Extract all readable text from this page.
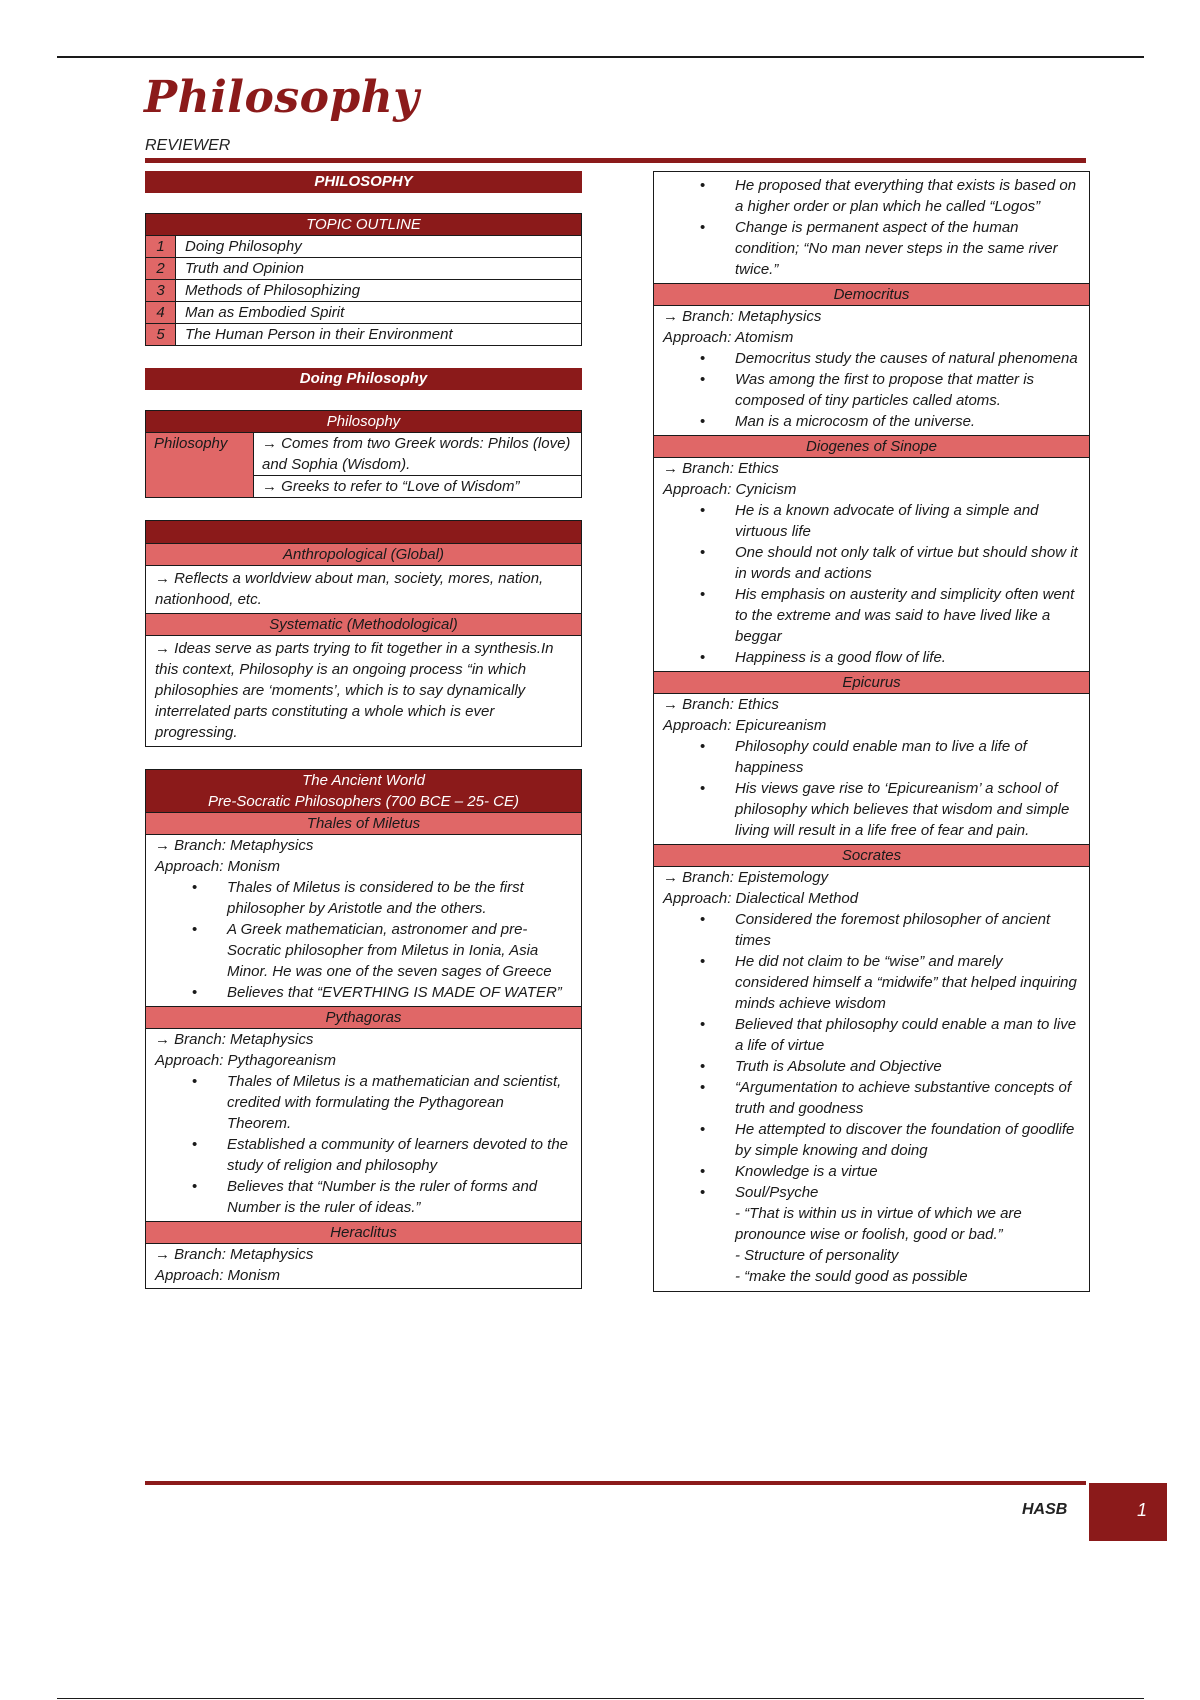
Philosophy
REVIEWER
PHILOSOPHY
TOPIC OUTLINE
1	Doing Philosophy
2	Truth and Opinion
3	Methods of Philosophizing
4	Man as Embodied Spirit
5	The Human Person in their Environment
Doing Philosophy
Philosophy
Philosophy	→ Comes from two Greek words: Philos (love) and Sophia (Wisdom).
→ Greeks to refer to “Love of Wisdom”
Anthropological (Global)
→ Reflects a worldview about man, society, mores, nation, nationhood, etc.
Systematic (Methodological)
→ Ideas serve as parts trying to fit together in a synthesis.In this context, Philosophy is an ongoing process “in which philosophies are ‘moments’, which is to say dynamically interrelated parts constituting a whole which is ever progressing.
The Ancient World
Pre-Socratic Philosophers (700 BCE – 25- CE)
Thales of Miletus
→ Branch: Metaphysics
Approach: Monism
• Thales of Miletus is considered to be the first philosopher by Aristotle and the others.
• A Greek mathematician, astronomer and pre-Socratic philosopher from Miletus in Ionia, Asia Minor. He was one of the seven sages of Greece
• Believes that “EVERTHING IS MADE OF WATER”
Pythagoras
→ Branch: Metaphysics
Approach: Pythagoreanism
• Thales of Miletus is a mathematician and scientist, credited with formulating the Pythagorean Theorem.
• Established a community of learners devoted to the study of religion and philosophy
• Believes that “Number is the ruler of forms and Number is the ruler of ideas.”
Heraclitus
→ Branch: Metaphysics
Approach: Monism
• He proposed that everything that exists is based on a higher order or plan which he called “Logos”
• Change is permanent aspect of the human condition; “No man never steps in the same river twice.”
Democritus
→ Branch: Metaphysics
Approach: Atomism
• Democritus study the causes of natural phenomena
• Was among the first to propose that matter is composed of tiny particles called atoms.
• Man is a microcosm of the universe.
Diogenes of Sinope
→ Branch: Ethics
Approach: Cynicism
• He is a known advocate of living a simple and virtuous life
• One should not only talk of virtue but should show it in words and actions
• His emphasis on austerity and simplicity often went to the extreme and was said to have lived like a beggar
• Happiness is a good flow of life.
Epicurus
→ Branch: Ethics
Approach: Epicureanism
• Philosophy could enable man to live a life of happiness
• His views gave rise to ‘Epicureanism’ a school of philosophy which believes that wisdom and simple living will result in a life free of fear and pain.
Socrates
→ Branch: Epistemology
Approach: Dialectical Method
• Considered the foremost philosopher of ancient times
• He did not claim to be “wise” and marely considered himself a “midwife” that helped inquiring minds achieve wisdom
• Believed that philosophy could enable a man to live a life of virtue
• Truth is Absolute and Objective
• “Argumentation to achieve substantive concepts of truth and goodness
• He attempted to discover the foundation of goodlife by simple knowing and doing
• Knowledge is a virtue
• Soul/Psyche
- “That is within us in virtue of which we are pronounce wise or foolish, good or bad.”
- Structure of personality
- “make the sould good as possible
HASB	1
